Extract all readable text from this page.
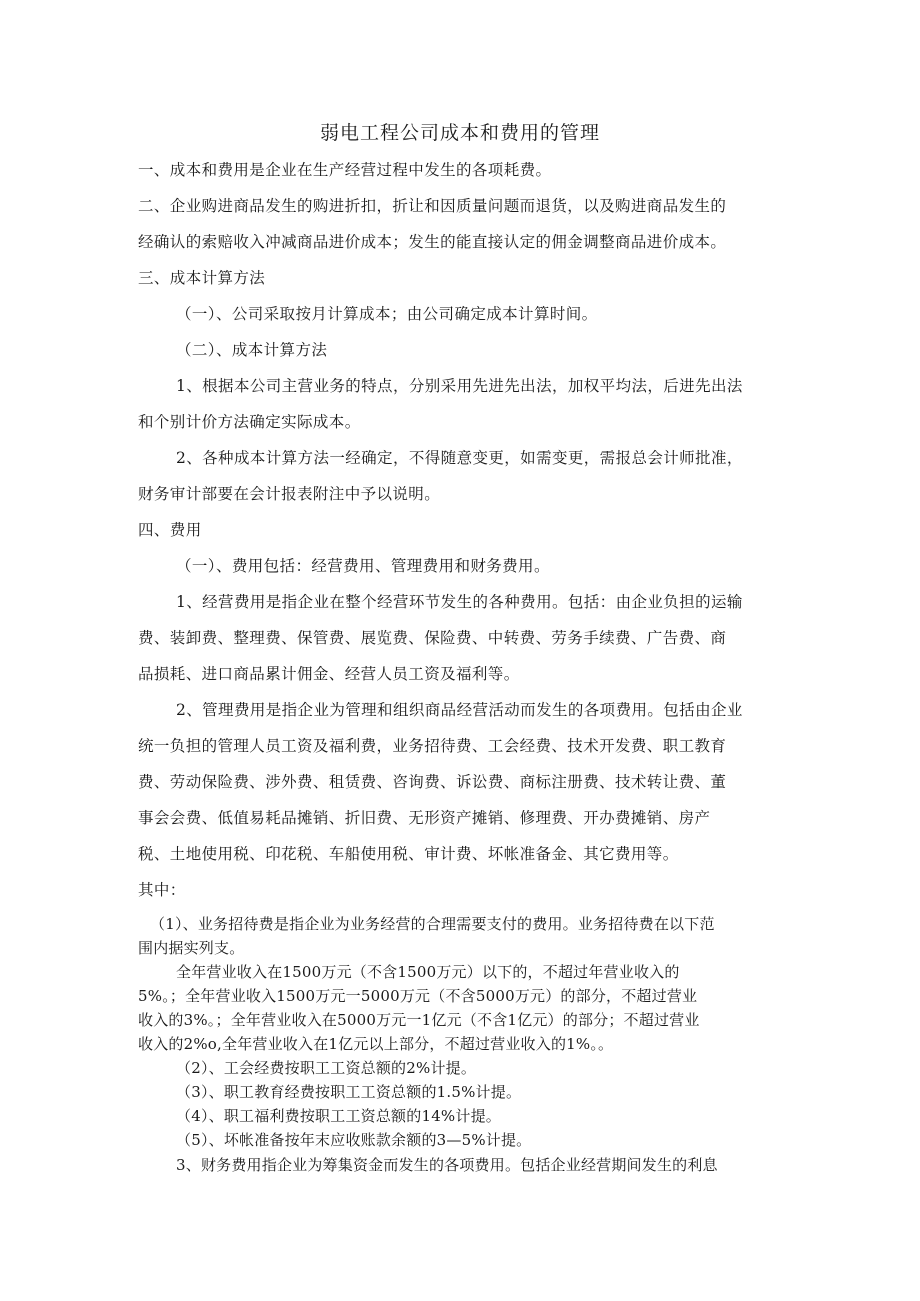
弱电工程公司成本和费用的管理
一、成本和费用是企业在生产经营过程中发生的各项耗费。
二、企业购进商品发生的购进折扣，折让和因质量问题而退货，以及购进商品发生的
经确认的索赔收入冲减商品进价成本；发生的能直接认定的佣金调整商品进价成本。
三、成本计算方法
（一）、公司采取按月计算成本；由公司确定成本计算时间。
（二）、成本计算方法
1、根据本公司主营业务的特点，分别采用先进先出法，加权平均法，后进先出法
和个别计价方法确定实际成本。
2、各种成本计算方法一经确定，不得随意变更，如需变更，需报总会计师批准，
财务审计部要在会计报表附注中予以说明。
四、费用
（一）、费用包括：经营费用、管理费用和财务费用。
1、经营费用是指企业在整个经营环节发生的各种费用。包括：由企业负担的运输
费、装卸费、整理费、保管费、展览费、保险费、中转费、劳务手续费、广告费、商
品损耗、进口商品累计佣金、经营人员工资及福利等。
2、管理费用是指企业为管理和组织商品经营活动而发生的各项费用。包括由企业
统一负担的管理人员工资及福利费，业务招待费、工会经费、技术开发费、职工教育
费、劳动保险费、涉外费、租赁费、咨询费、诉讼费、商标注册费、技术转让费、董
事会会费、低值易耗品摊销、折旧费、无形资产摊销、修理费、开办费摊销、房产
税、土地使用税、印花税、车船使用税、审计费、坏帐准备金、其它费用等。
其中：
（1）、业务招待费是指企业为业务经营的合理需要支付的费用。业务招待费在以下范
围内据实列支。
全年营业收入在1500万元（不含1500万元）以下的，不超过年营业收入的
5%。；全年营业收入1500万元一5000万元（不含5000万元）的部分，不超过营业
收入的3%。；全年营业收入在5000万元一1亿元（不含1亿元）的部分；不超过营业
收入的2%o,全年营业收入在1亿元以上部分，不超过营业收入的1%。。
（2）、工会经费按职工工资总额的2%计提。
（3）、职工教育经费按职工工资总额的1.5%计提。
（4）、职工福利费按职工工资总额的14%计提。
（5）、坏帐准备按年末应收账款余额的3—5%计提。
3、财务费用指企业为筹集资金而发生的各项费用。包括企业经营期间发生的利息
